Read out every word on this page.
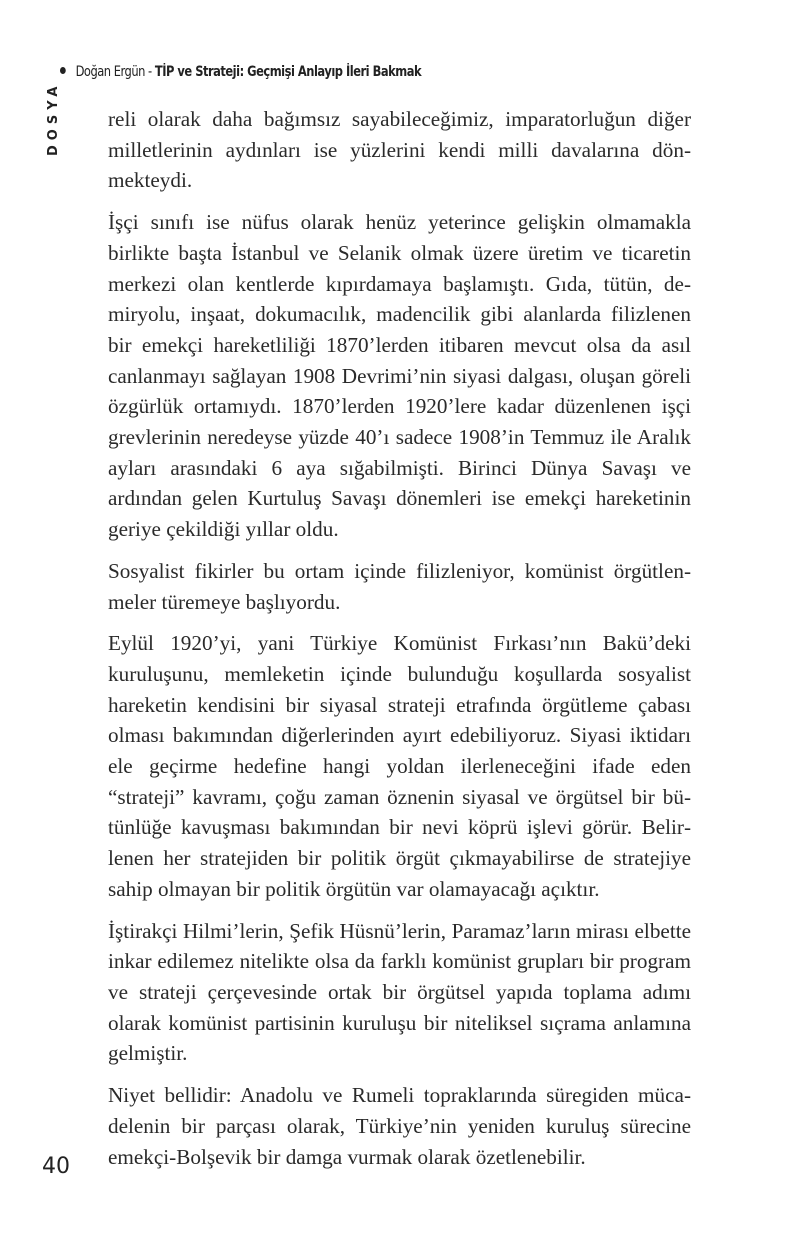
Doğan Ergün - TİP ve Strateji: Geçmişi Anlayıp İleri Bakmak
DOSYA reli olarak daha bağımsız sayabileceğimiz, imparatorluğun diğer milletlerinin aydınları ise yüzlerini kendi milli davalarına dönmekteydi.

İşçi sınıfı ise nüfus olarak henüz yeterince gelişkin olmamakla birlikte başta İstanbul ve Selanik olmak üzere üretim ve ticaretin merkezi olan kentlerde kıpırdamaya başlamıştı. Gıda, tütün, demiryolu, inşaat, dokumacılık, madencilik gibi alanlarda filizlenen bir emekçi hareketliliği 1870’lerden itibaren mevcut olsa da asıl canlanmayı sağlayan 1908 Devrimi’nin siyasi dalgası, oluşan göreli özgürlük ortamıydı. 1870’lerden 1920’lere kadar düzenlenen işçi grevlerinin neredeyse yüzde 40’ı sadece 1908’in Temmuz ile Aralık ayları arasındaki 6 aya sığabilmişti. Birinci Dünya Savaşı ve ardından gelen Kurtuluş Savaşı dönemleri ise emekçi hareketinin geriye çekildiği yıllar oldu.

Sosyalist fikirler bu ortam içinde filizleniyor, komünist örgütlenmeler türemeye başlıyordu.

Eylül 1920’yi, yani Türkiye Komünist Fırkası’nın Bakü’deki kuruluşunu, memleketin içinde bulunduğu koşullarda sosyalist hareketin kendisini bir siyasal strateji etrafında örgütleme çabası olması bakımından diğerlerinden ayırt edebiliyoruz. Siyasi iktidarı ele geçirme hedefine hangi yoldan ilerleneceğini ifade eden “strateji” kavramı, çoğu zaman öznenin siyasal ve örgütsel bir bütünlüğe kavuşması bakımından bir nevi köprü işlevi görür. Belirlenen her stratejiden bir politik örgüt çıkmayabilirse de stratejiye sahip olmayan bir politik örgütün var olamayacağı açıktır.

İştirakçi Hilmi’lerin, Şefik Hüsnü’lerin, Paramaz’ların mirası elbette inkar edilemez nitelikte olsa da farklı komünist grupları bir program ve strateji çerçevesinde ortak bir örgütsel yapıda toplama adımı olarak komünist partisinin kuruluşu bir niteliksel sıçrama anlamına gelmiştir.

Niyet bellidir: Anadolu ve Rumeli topraklarında süregiden mücadelenin bir parçası olarak, Türkiye’nin yeniden kuruluş sürecine emekçi-Bolşevik bir damga vurmak olarak özetlenebilir.

40
